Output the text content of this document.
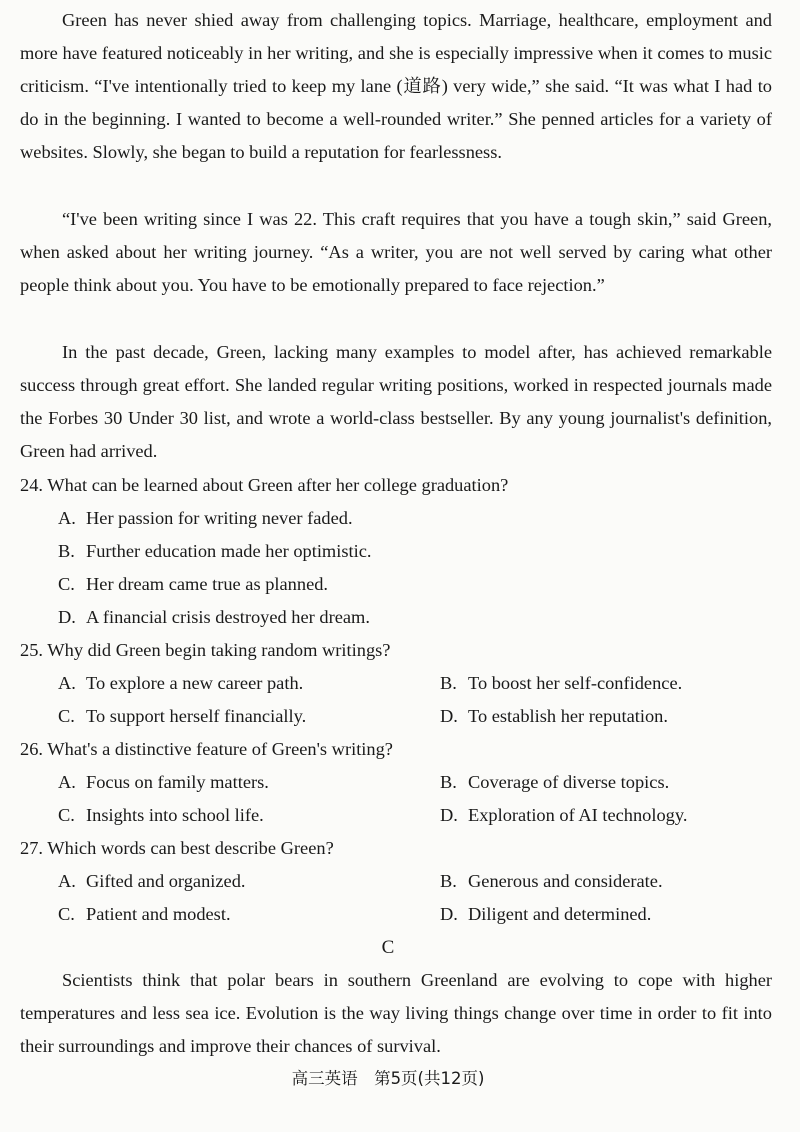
Green has never shied away from challenging topics. Marriage, healthcare, employment and more have featured noticeably in her writing, and she is especially impressive when it comes to music criticism. “I've intentionally tried to keep my lane (道路) very wide,” she said. “It was what I had to do in the beginning. I wanted to become a well-rounded writer.” She penned articles for a variety of websites. Slowly, she began to build a reputation for fearlessness.

“I've been writing since I was 22. This craft requires that you have a tough skin,” said Green, when asked about her writing journey. “As a writer, you are not well served by caring what other people think about you. You have to be emotionally prepared to face rejection.”

In the past decade, Green, lacking many examples to model after, has achieved remarkable success through great effort. She landed regular writing positions, worked in respected journals made the Forbes 30 Under 30 list, and wrote a world-class bestseller. By any young journalist's definition, Green had arrived.

24. What can be learned about Green after her college graduation?

A. Her passion for writing never faded.

B. Further education made her optimistic.

C. Her dream came true as planned.

D. A financial crisis destroyed her dream.

25. Why did Green begin taking random writings?

A. To explore a new career path.	B. To boost her self-confidence.

C. To support herself financially.	D. To establish her reputation.

26. What's a distinctive feature of Green's writing?

A. Focus on family matters.	B. Coverage of diverse topics.

C. Insights into school life.	D. Exploration of AI technology.

27. Which words can best describe Green?

A. Gifted and organized.	B. Generous and considerate.

C. Patient and modest.	D. Diligent and determined.

C

Scientists think that polar bears in southern Greenland are evolving to cope with higher temperatures and less sea ice. Evolution is the way living things change over time in order to fit into their surroundings and improve their chances of survival.

高三英语　第5页(共12页)
